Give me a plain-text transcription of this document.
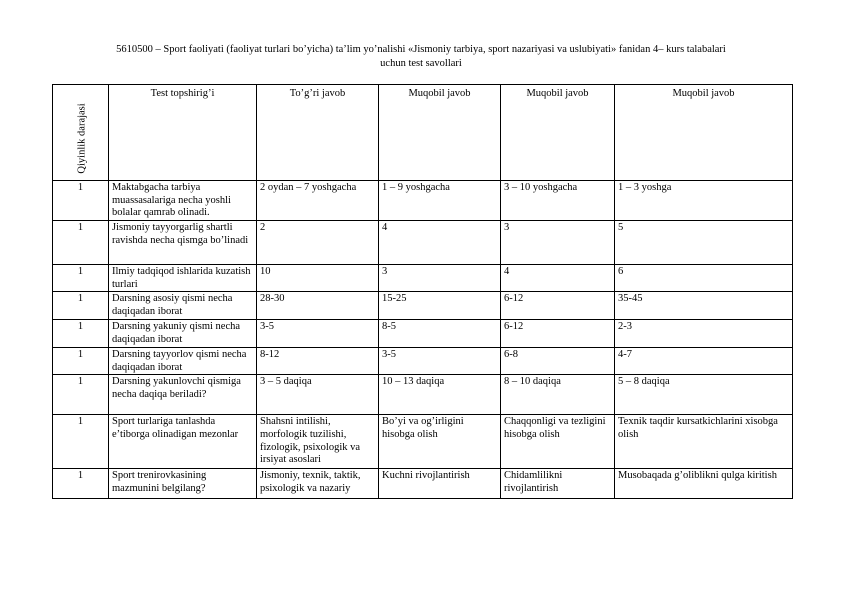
5610500 – Sport faoliyati (faoliyat turlari bo’yicha) ta’lim yo’nalishi «Jismoniy tarbiya, sport nazariyasi va uslubiyati» fanidan 4– kurs talabalari
uchun test savollari
Qiyinlik darajasi	Test topshirig’i	To’g’ri javob	Muqobil javob	Muqobil javob	Muqobil javob
1	Maktabgacha tarbiya muassasalariga necha yoshli bolalar qamrab olinadi.	2 oydan – 7 yoshgacha	1 – 9 yoshgacha	3 – 10 yoshgacha	1 – 3 yoshga
1	Jismoniy tayyorgarlig shartli ravishda necha qismga bo’linadi	2	4	3	5
1	Ilmiy tadqiqod ishlarida kuzatish turlari	10	3	4	6
1	Darsning asosiy qismi necha daqiqadan iborat	28-30	15-25	6-12	35-45
1	Darsning yakuniy qismi necha daqiqadan iborat	3-5	8-5	6-12	2-3
1	Darsning tayyorlov qismi necha daqiqadan iborat	8-12	3-5	6-8	4-7
1	Darsning yakunlovchi qismiga necha daqiqa beriladi?	3 – 5 daqiqa	10 – 13 daqiqa	8 – 10 daqiqa	5 – 8 daqiqa
1	Sport turlariga tanlashda e’tiborga olinadigan mezonlar	Shahsni intilishi, morfologik tuzilishi, fizologik, psixologik va irsiyat asoslari	Bo’yi va og’irligini hisobga olish	Chaqqonligi va tezligini hisobga olish	Texnik taqdir kursatkichlarini xisobga olish
1	Sport trenirovkasining mazmunini belgilang?	Jismoniy, texnik, taktik, psixologik va nazariy	Kuchni rivojlantirish	Chidamlilikni rivojlantirish	Musobaqada g’oliblikni qulga kiritish
